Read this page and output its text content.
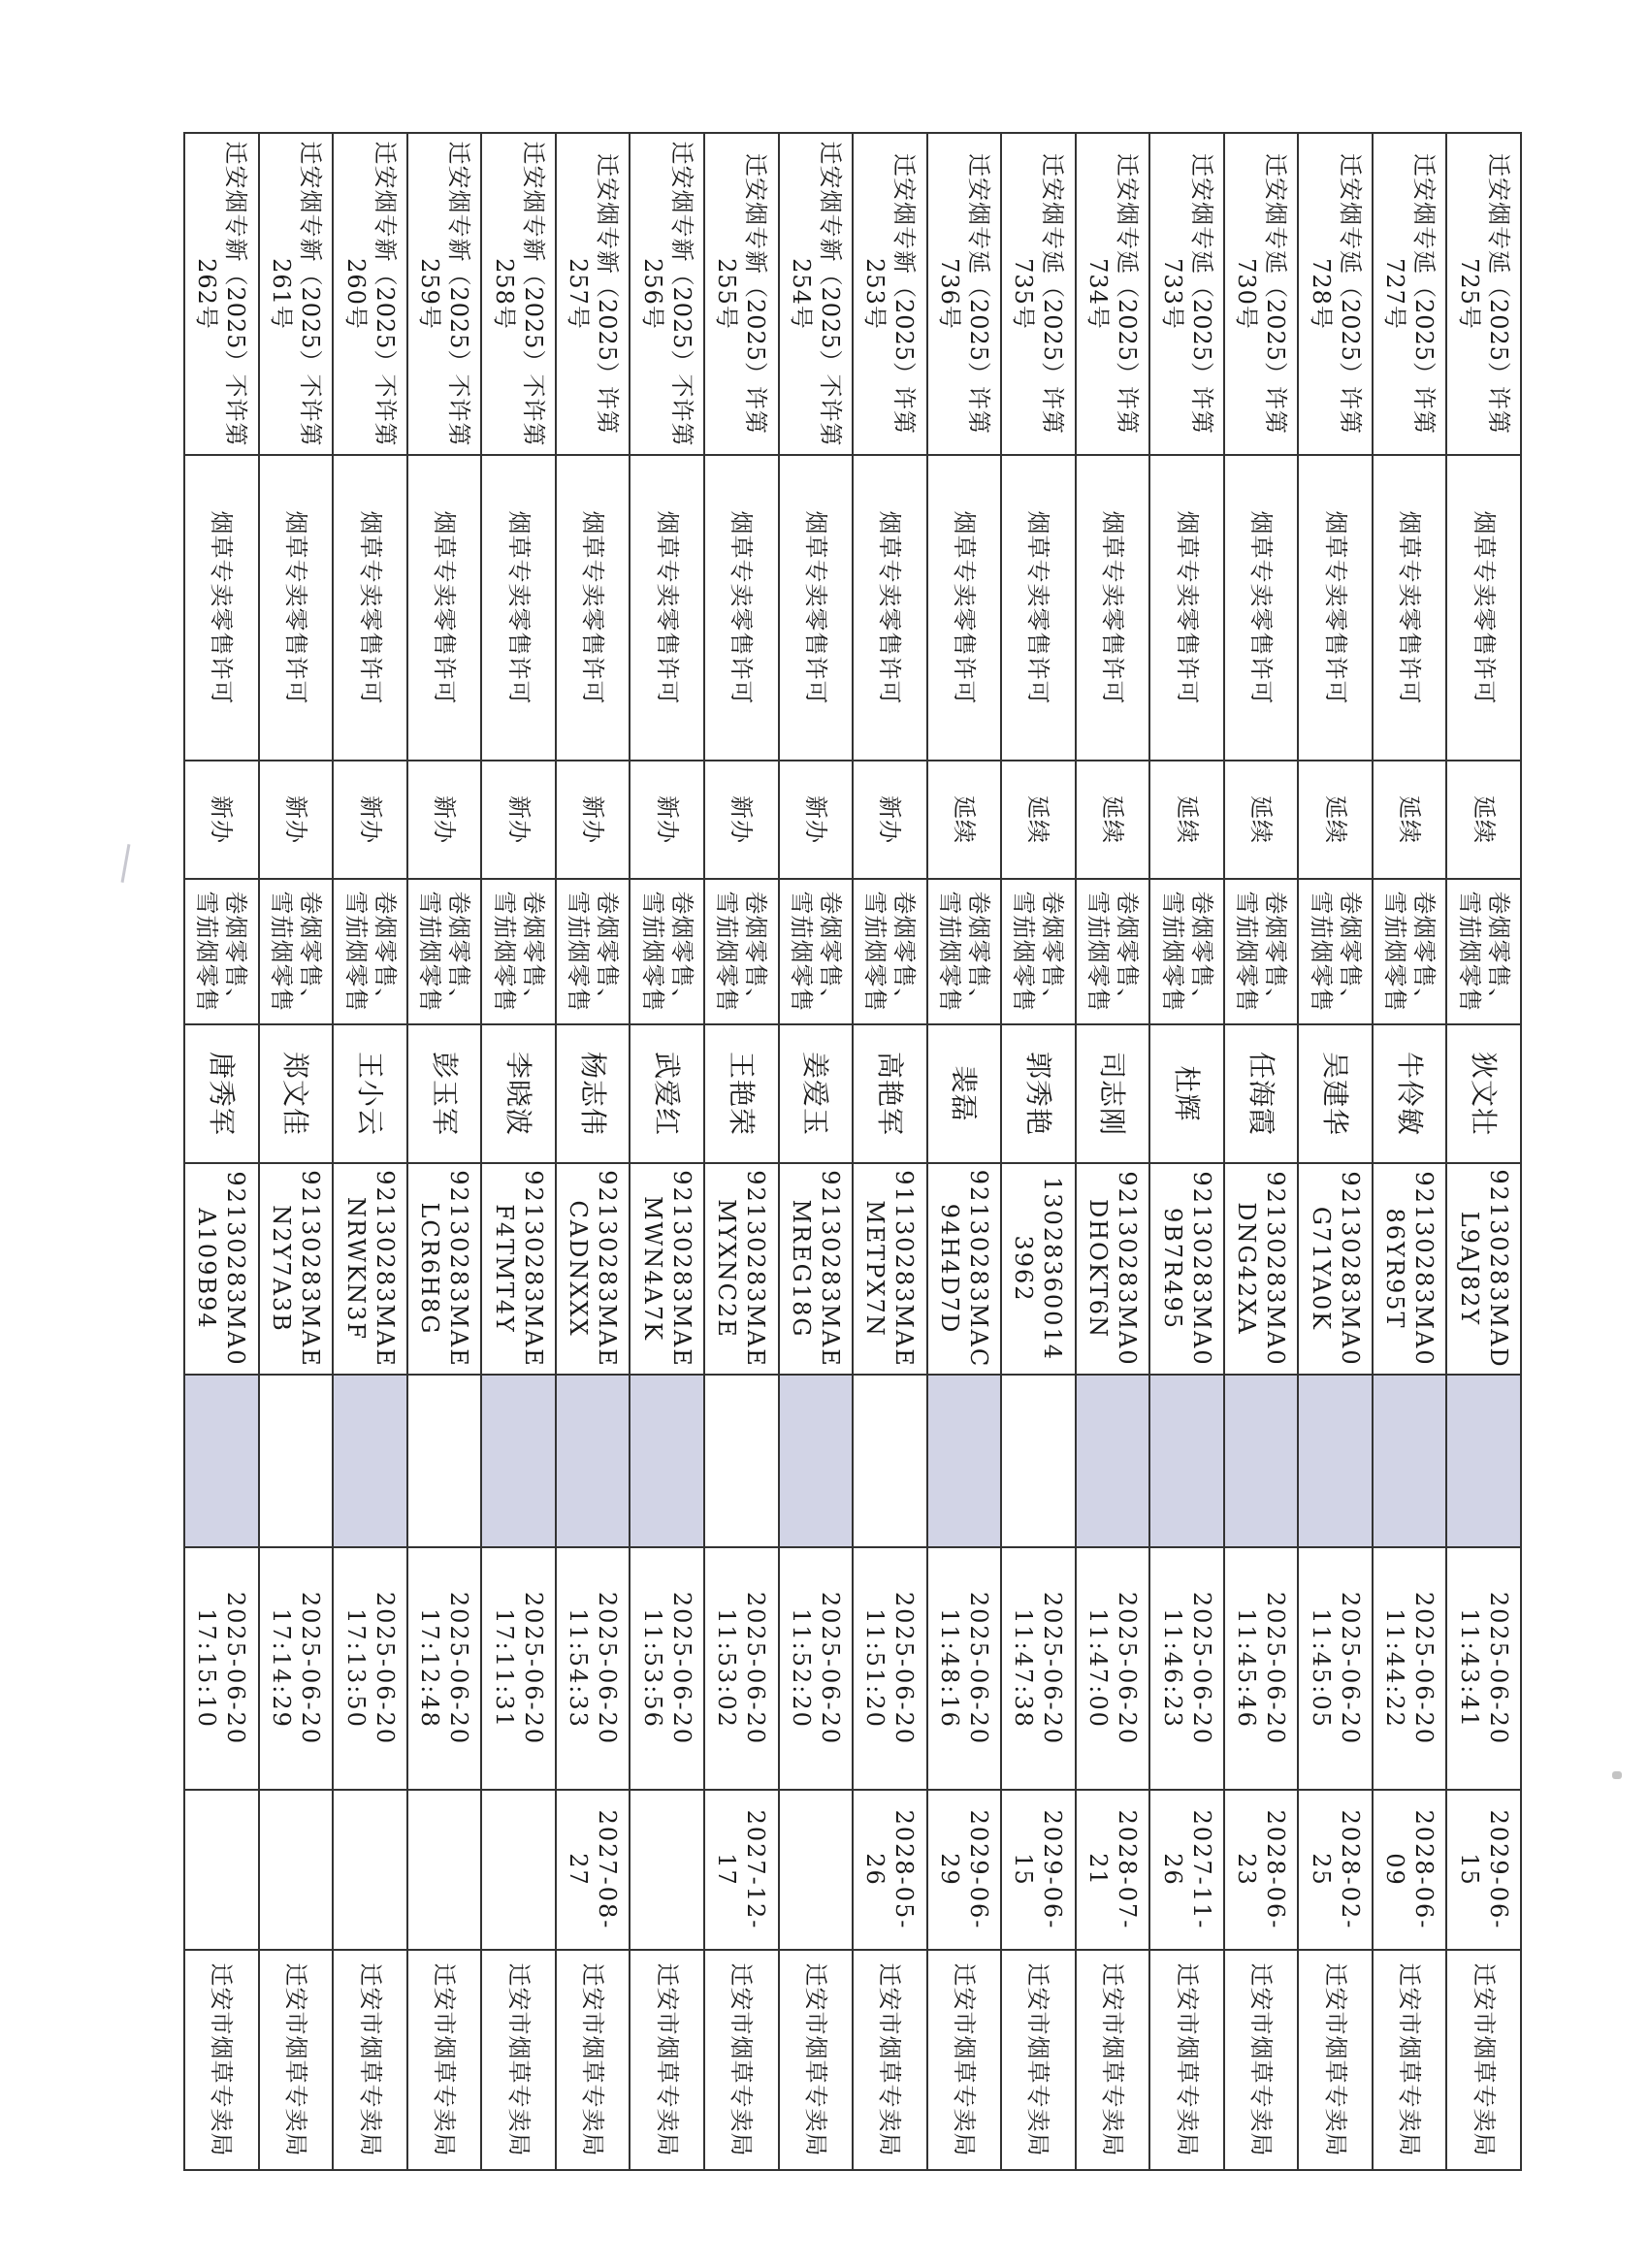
迁安烟专延（2025）许第725号	烟草专卖零售许可	延续	卷烟零售、雪茄烟零售	狄文壮	92130283MAD L9AJ82Y		2025-06-20 11:43:41	2029-06-15	迁安市烟草专卖局
迁安烟专延（2025）许第727号	烟草专卖零售许可	延续	卷烟零售、雪茄烟零售	牛伶敏	92130283MA0 86YR95T		2025-06-20 11:44:22	2028-06-09	迁安市烟草专卖局
迁安烟专延（2025）许第728号	烟草专卖零售许可	延续	卷烟零售、雪茄烟零售	吴建华	92130283MA0 G71YA0K		2025-06-20 11:45:05	2028-02-25	迁安市烟草专卖局
迁安烟专延（2025）许第730号	烟草专卖零售许可	延续	卷烟零售、雪茄烟零售	任海霞	92130283MA0 DNG42XA		2025-06-20 11:45:46	2028-06-23	迁安市烟草专卖局
迁安烟专延（2025）许第733号	烟草专卖零售许可	延续	卷烟零售、雪茄烟零售	杜辉	92130283MA0 9B7R495		2025-06-20 11:46:23	2027-11-26	迁安市烟草专卖局
迁安烟专延（2025）许第734号	烟草专卖零售许可	延续	卷烟零售、雪茄烟零售	司志刚	92130283MA0 DHOKT6N		2025-06-20 11:47:00	2028-07-21	迁安市烟草专卖局
迁安烟专延（2025）许第735号	烟草专卖零售许可	延续	卷烟零售、雪茄烟零售	郭秀艳	13028360014 3962		2025-06-20 11:47:38	2029-06-15	迁安市烟草专卖局
迁安烟专延（2025）许第736号	烟草专卖零售许可	延续	卷烟零售、雪茄烟零售	裴磊	92130283MAC 94H4D7D		2025-06-20 11:48:16	2029-06-29	迁安市烟草专卖局
迁安烟专新（2025）许第253号	烟草专卖零售许可	新办	卷烟零售、雪茄烟零售	高艳军	91130283MAE METPX7N		2025-06-20 11:51:20	2028-05-26	迁安市烟草专卖局
迁安烟专新（2025）不许第254号	烟草专卖零售许可	新办	卷烟零售、雪茄烟零售	姜爱玉	92130283MAE MREG18G		2025-06-20 11:52:20		迁安市烟草专卖局
迁安烟专新（2025）许第255号	烟草专卖零售许可	新办	卷烟零售、雪茄烟零售	王艳荣	92130283MAE MYXNC2E		2025-06-20 11:53:02	2027-12-17	迁安市烟草专卖局
迁安烟专新（2025）不许第256号	烟草专卖零售许可	新办	卷烟零售、雪茄烟零售	武爱红	92130283MAE MWN4A7K		2025-06-20 11:53:56		迁安市烟草专卖局
迁安烟专新（2025）许第257号	烟草专卖零售许可	新办	卷烟零售、雪茄烟零售	杨志伟	92130283MAE CADNXXX		2025-06-20 11:54:33	2027-08-27	迁安市烟草专卖局
迁安烟专新（2025）不许第258号	烟草专卖零售许可	新办	卷烟零售、雪茄烟零售	李晓波	92130283MAE F4TMT4Y		2025-06-20 17:11:31		迁安市烟草专卖局
迁安烟专新（2025）不许第259号	烟草专卖零售许可	新办	卷烟零售、雪茄烟零售	彭玉军	92130283MAE LCR6H8G		2025-06-20 17:12:48		迁安市烟草专卖局
迁安烟专新（2025）不许第260号	烟草专卖零售许可	新办	卷烟零售、雪茄烟零售	王小云	92130283MAE NRWKN3F		2025-06-20 17:13:50		迁安市烟草专卖局
迁安烟专新（2025）不许第261号	烟草专卖零售许可	新办	卷烟零售、雪茄烟零售	郑文佳	92130283MAE N2Y7A3B		2025-06-20 17:14:29		迁安市烟草专卖局
迁安烟专新（2025）不许第262号	烟草专卖零售许可	新办	卷烟零售、雪茄烟零售	唐秀军	92130283MA0 A109B94		2025-06-20 17:15:10		迁安市烟草专卖局
